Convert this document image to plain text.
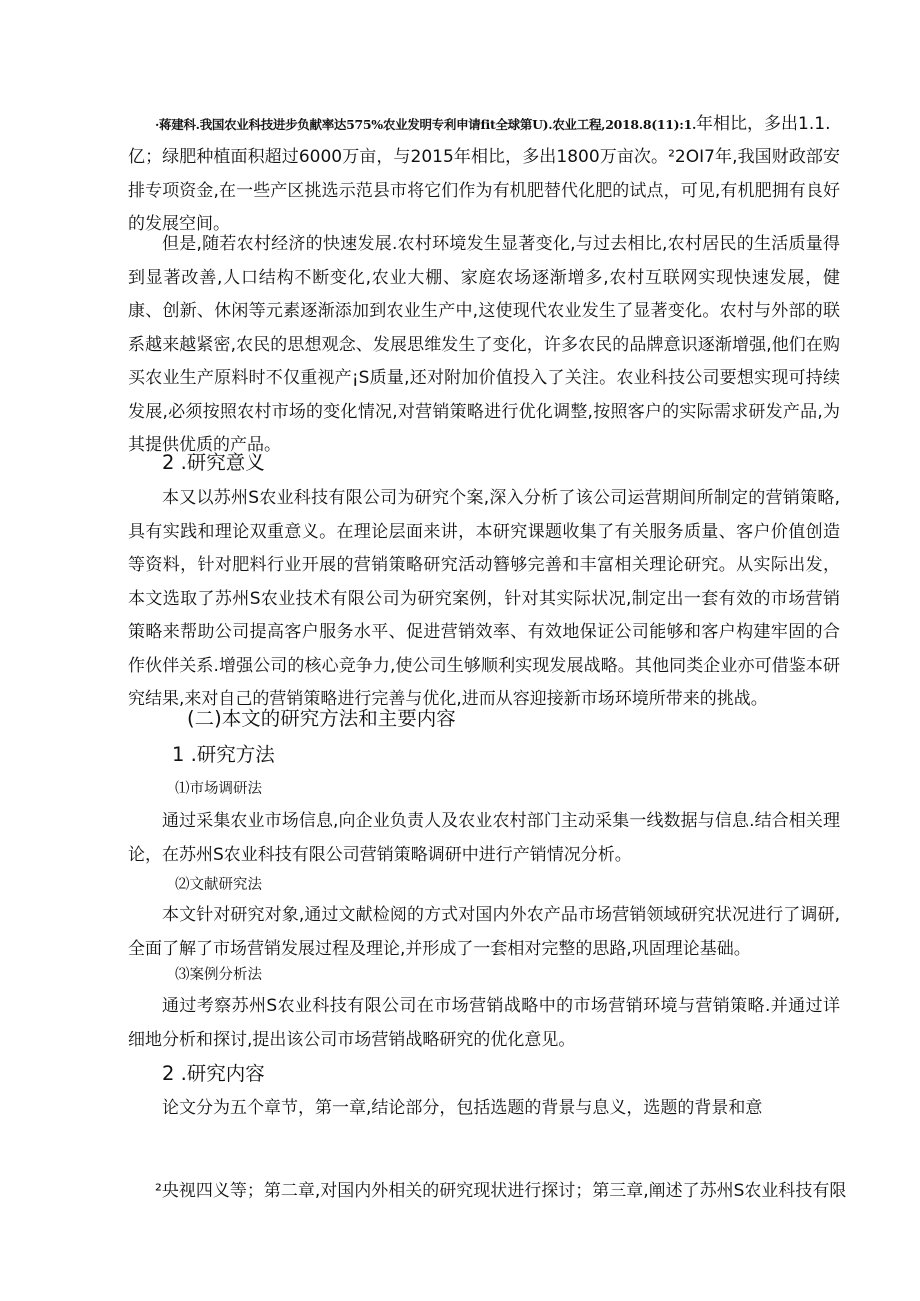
·蒋建科.我国农业科技进步负献率达575%农业发明专利申请fit全球第U).农业工程,2018.8(11):1.年相比，多出1.1.

亿；绿肥种植面积超过6000万亩，与2015年相比，多出1800万亩次。²2OI7年,我国财政部安排专项资金,在一些产区挑选示范县市将它们作为有机肥替代化肥的试点，可见,有机肥拥有良好的发展空间。

但是,随若农村经济的快速发展.农村环境发生显著变化,与过去相比,农村居民的生活质量得到显著改善,人口结构不断变化,农业大棚、家庭农场逐渐增多,农村互联网实现快速发展，健康、创新、休闲等元素逐渐添加到农业生产中,这使现代农业发生了显著变化。农村与外部的联系越来越紧密,农民的思想观念、发展思维发生了变化，许多农民的品牌意识逐渐增强,他们在购买农业生产原料时不仅重视产¡S质量,还对附加价值投入了关注。农业科技公司要想实现可持续发展,必须按照农村市场的变化情况,对营销策略进行优化调整,按照客户的实际需求研发产品,为其提供优质的产品。

2 .研究意义

本又以苏州S农业科技有限公司为研究个案,深入分析了该公司运营期间所制定的营销策略,具有实践和理论双重意义。在理论层面来讲，本研究课题收集了有关服务质量、客户价值创造等资料，针对肥料行业开展的营销策略研究活动簪够完善和丰富相关理论研究。从实际出发，本文选取了苏州S农业技术有限公司为研究案例，针对其实际状况,制定出一套有效的市场营销策略来帮助公司提高客户服务水平、促进营销效率、有效地保证公司能够和客户构建牢固的合作伙伴关系.增强公司的核心竞争力,使公司生够顺利实现发展战略。其他同类企业亦可借鉴本研究结果,来对自己的营销策略进行完善与优化,进而从容迎接新市场环境所带来的挑战。

(二)本文的研究方法和主要内容
1 .研究方法
⑴市场调研法

通过采集农业市场信息,向企业负责人及农业农村部门主动采集一线数据与信息.结合相关理论，在苏州S农业科技有限公司营销策略调研中进行产销情况分析。

⑵文献研究法

本文针对研究对象,通过文献检阅的方式对国内外农产品市场营销领域研究状况进行了调研,全面了解了市场营销发展过程及理论,并形成了一套相对完整的思路,巩固理论基础。

⑶案例分析法

通过考察苏州S农业科技有限公司在市场营销战略中的市场营销环境与营销策略.并通过详细地分析和探讨,提出该公司市场营销战略研究的优化意见。

2 .研究内容

论文分为五个章节，第一章,结论部分，包括选题的背景与息义，选题的背景和意

²央视四义等；第二章,对国内外相关的研究现状进行探讨；第三章,阐述了苏州S农业科技有限
